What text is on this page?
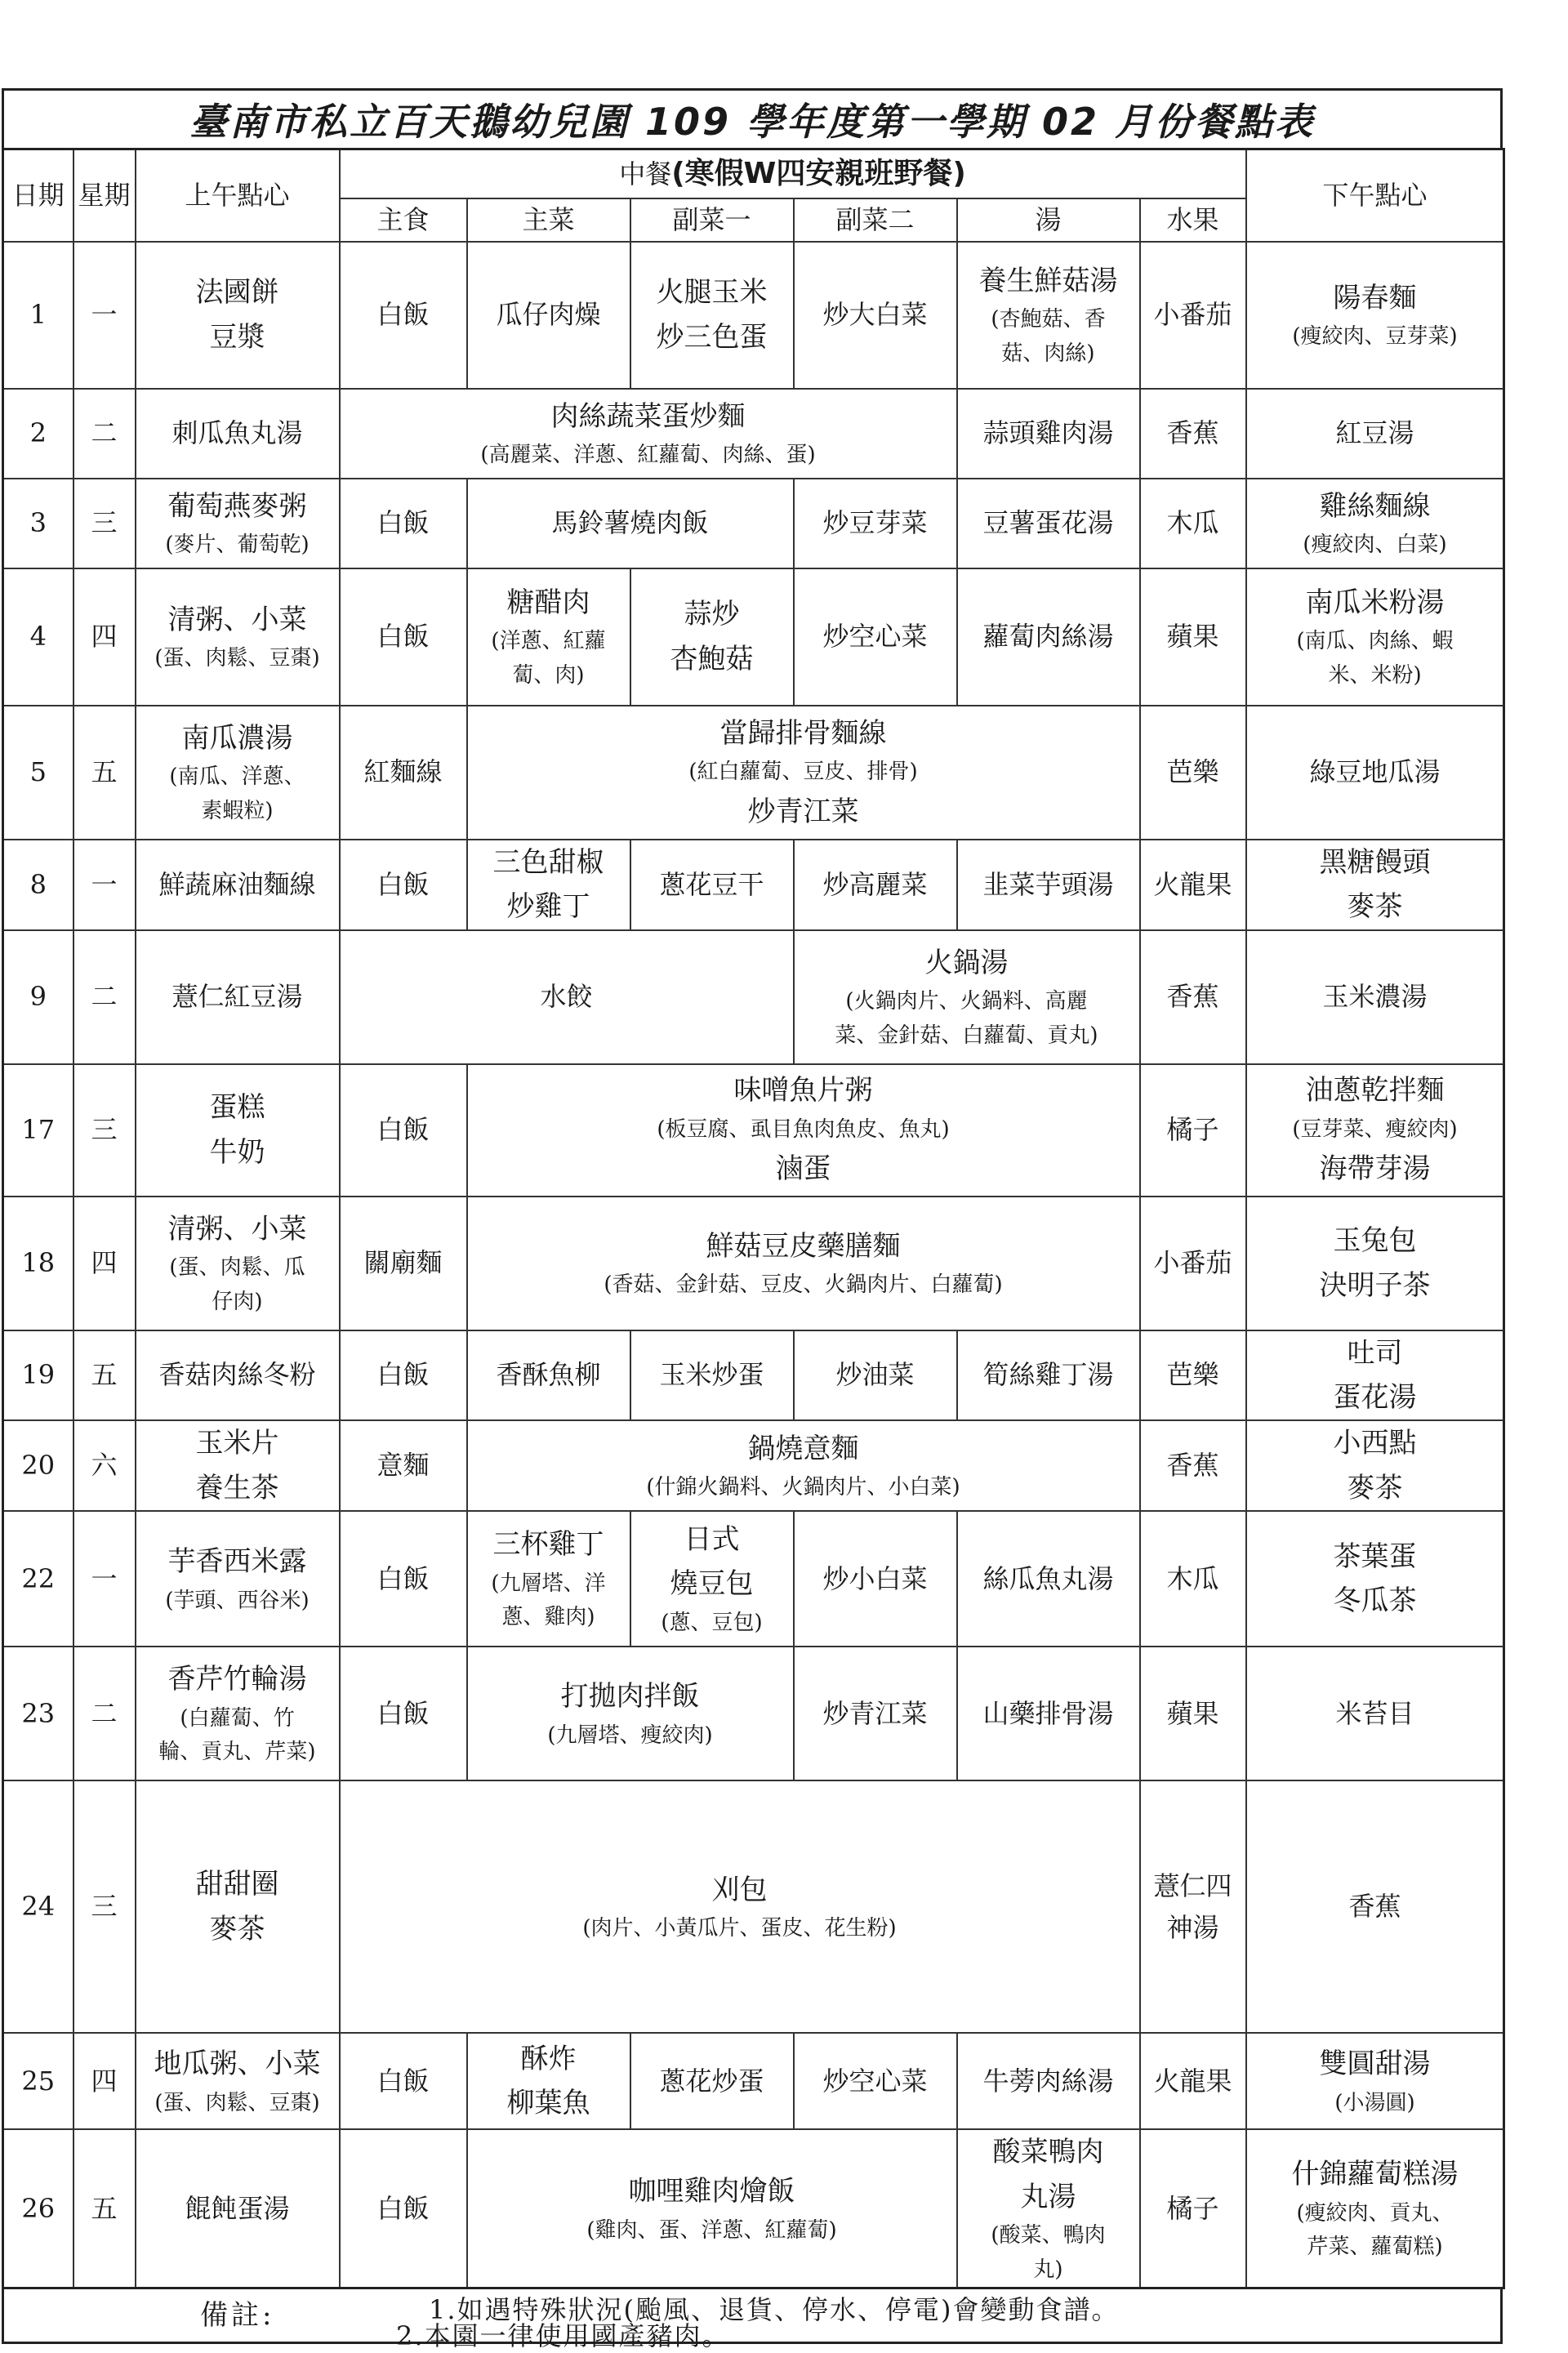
臺南市私立百天鵝幼兒園 109 學年度第一學期 02 月份餐點表
日期	星期	上午點心	中餐(寒假W四安親班野餐)						下午點心	
			主食	主菜	副菜一	副菜二	湯	水果		
1	一	法國餅
豆漿	白飯	瓜仔肉燥	火腿玉米
炒三色蛋	炒大白菜	養生鮮菇湯
(杏鮑菇、香
菇、肉絲)	小番茄	陽春麵
(瘦絞肉、豆芽菜)	

2	二	刺瓜魚丸湯	肉絲蔬菜蛋炒麵
(高麗菜、洋蔥、紅蘿蔔、肉絲、蛋)				蒜頭雞肉湯	香蕉	紅豆湯	
3	三	葡萄燕麥粥
(麥片、葡萄乾)	白飯	馬鈴薯燒肉飯		炒豆芽菜	豆薯蛋花湯	木瓜	雞絲麵線
(瘦絞肉、白菜)	

4	四	清粥、小菜
(蛋、肉鬆、豆棗)	白飯	糖醋肉
(洋蔥、紅蘿
蔔、肉)	蒜炒
杏鮑菇	炒空心菜	蘿蔔肉絲湯	蘋果	南瓜米粉湯
(南瓜、肉絲、蝦
米、米粉)	

5	五	南瓜濃湯
(南瓜、洋蔥、
素蝦粒)	紅麵線	當歸排骨麵線
(紅白蘿蔔、豆皮、排骨)
炒青江菜				芭樂	綠豆地瓜湯	
8	一	鮮蔬麻油麵線	白飯	三色甜椒
炒雞丁	蔥花豆干	炒高麗菜	韭菜芋頭湯	火龍果	黑糖饅頭
麥茶	

9	二	薏仁紅豆湯	水餃			火鍋湯
(火鍋肉片、火鍋料、高麗
菜、金針菇、白蘿蔔、貢丸)		香蕉	玉米濃湯	
17	三	蛋糕
牛奶	白飯	味噌魚片粥
(板豆腐、虱目魚肉魚皮、魚丸)
滷蛋				橘子	油蔥乾拌麵
(豆芽菜、瘦絞肉)
海帶芽湯	

18	四	清粥、小菜
(蛋、肉鬆、瓜
仔肉)	關廟麵	鮮菇豆皮藥膳麵
(香菇、金針菇、豆皮、火鍋肉片、白蘿蔔)				小番茄	玉兔包
決明子茶	

19	五	香菇肉絲冬粉	白飯	香酥魚柳	玉米炒蛋	炒油菜	筍絲雞丁湯	芭樂	吐司
蛋花湯	

20	六	玉米片
養生茶	意麵	鍋燒意麵
(什錦火鍋料、火鍋肉片、小白菜)				香蕉	小西點
麥茶	

22	一	芋香西米露
(芋頭、西谷米)	白飯	三杯雞丁
(九層塔、洋
蔥、雞肉)	日式
燒豆包
(蔥、豆包)	炒小白菜	絲瓜魚丸湯	木瓜	茶葉蛋
冬瓜茶	

23	二	香芹竹輪湯
(白蘿蔔、竹
輪、貢丸、芹菜)	白飯	打拋肉拌飯
(九層塔、瘦絞肉)		炒青江菜	山藥排骨湯	蘋果	米苔目	
24	三	甜甜圈
麥茶	刈包
(肉片、小黃瓜片、蛋皮、花生粉)					薏仁四神湯	香蕉	
25	四	地瓜粥、小菜
(蛋、肉鬆、豆棗)	白飯	酥炸
柳葉魚	蔥花炒蛋	炒空心菜	牛蒡肉絲湯	火龍果	雙圓甜湯
(小湯圓)	

26	五	餛飩蛋湯	白飯	咖哩雞肉燴飯
(雞肉、蛋、洋蔥、紅蘿蔔)			酸菜鴨肉
丸湯
(酸菜、鴨肉
丸)	橘子	什錦蘿蔔糕湯
(瘦絞肉、貢丸、
芹菜、蘿蔔糕)	
備註:	1.如遇特殊狀況(颱風、退貨、停水、停電)會變動食譜。
2.本園一律使用國產豬肉。
